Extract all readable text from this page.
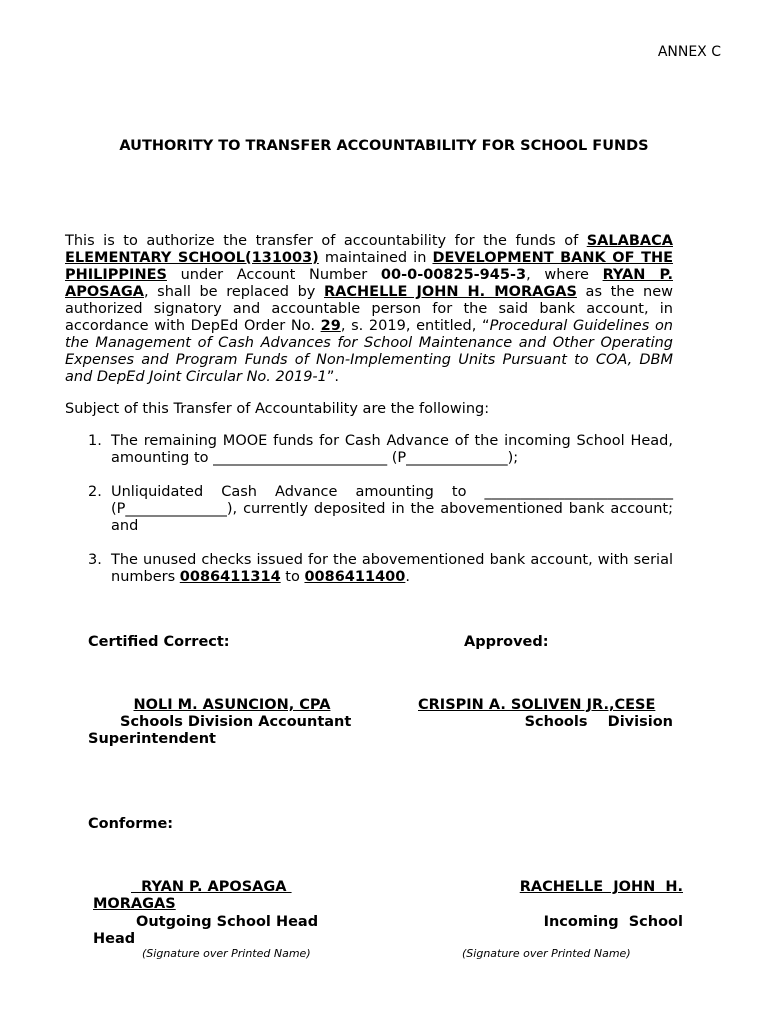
ANNEX C
AUTHORITY TO TRANSFER ACCOUNTABILITY FOR SCHOOL FUNDS
This is to authorize the transfer of accountability for the funds of SALABACA ELEMENTARY SCHOOL(131003) maintained in DEVELOPMENT BANK OF THE PHILIPPINES under Account Number 00-0-00825-945-3, where RYAN P. APOSAGA, shall be replaced by RACHELLE JOHN H. MORAGAS as the new authorized signatory and accountable person for the said bank account, in accordance with DepEd Order No. 29, s. 2019, entitled, “Procedural Guidelines on the Management of Cash Advances for School Maintenance and Other Operating Expenses and Program Funds of Non-Implementing Units Pursuant to COA, DBM and DepEd Joint Circular No. 2019-1”.
Subject of this Transfer of Accountability are the following:
1. The remaining MOOE funds for Cash Advance of the incoming School Head, amounting to ________________________ (P______________);
2. Unliquidated Cash Advance amounting to __________________________ (P______________), currently deposited in the abovementioned bank account; and
3. The unused checks issued for the abovementioned bank account, with serial numbers 0086411314 to 0086411400.
Certified Correct:	Approved:
NOLI M. ASUNCION, CPA
Schools Division Accountant
CRISPIN A. SOLIVEN JR.,CESE
Schools    Division
Superintendent
Conforme:
RYAN P. APOSAGA
Outgoing School Head
(Signature over Printed Name)
RACHELLE  JOHN  H.
MORAGAS
Incoming  School
Head
(Signature over Printed Name)
